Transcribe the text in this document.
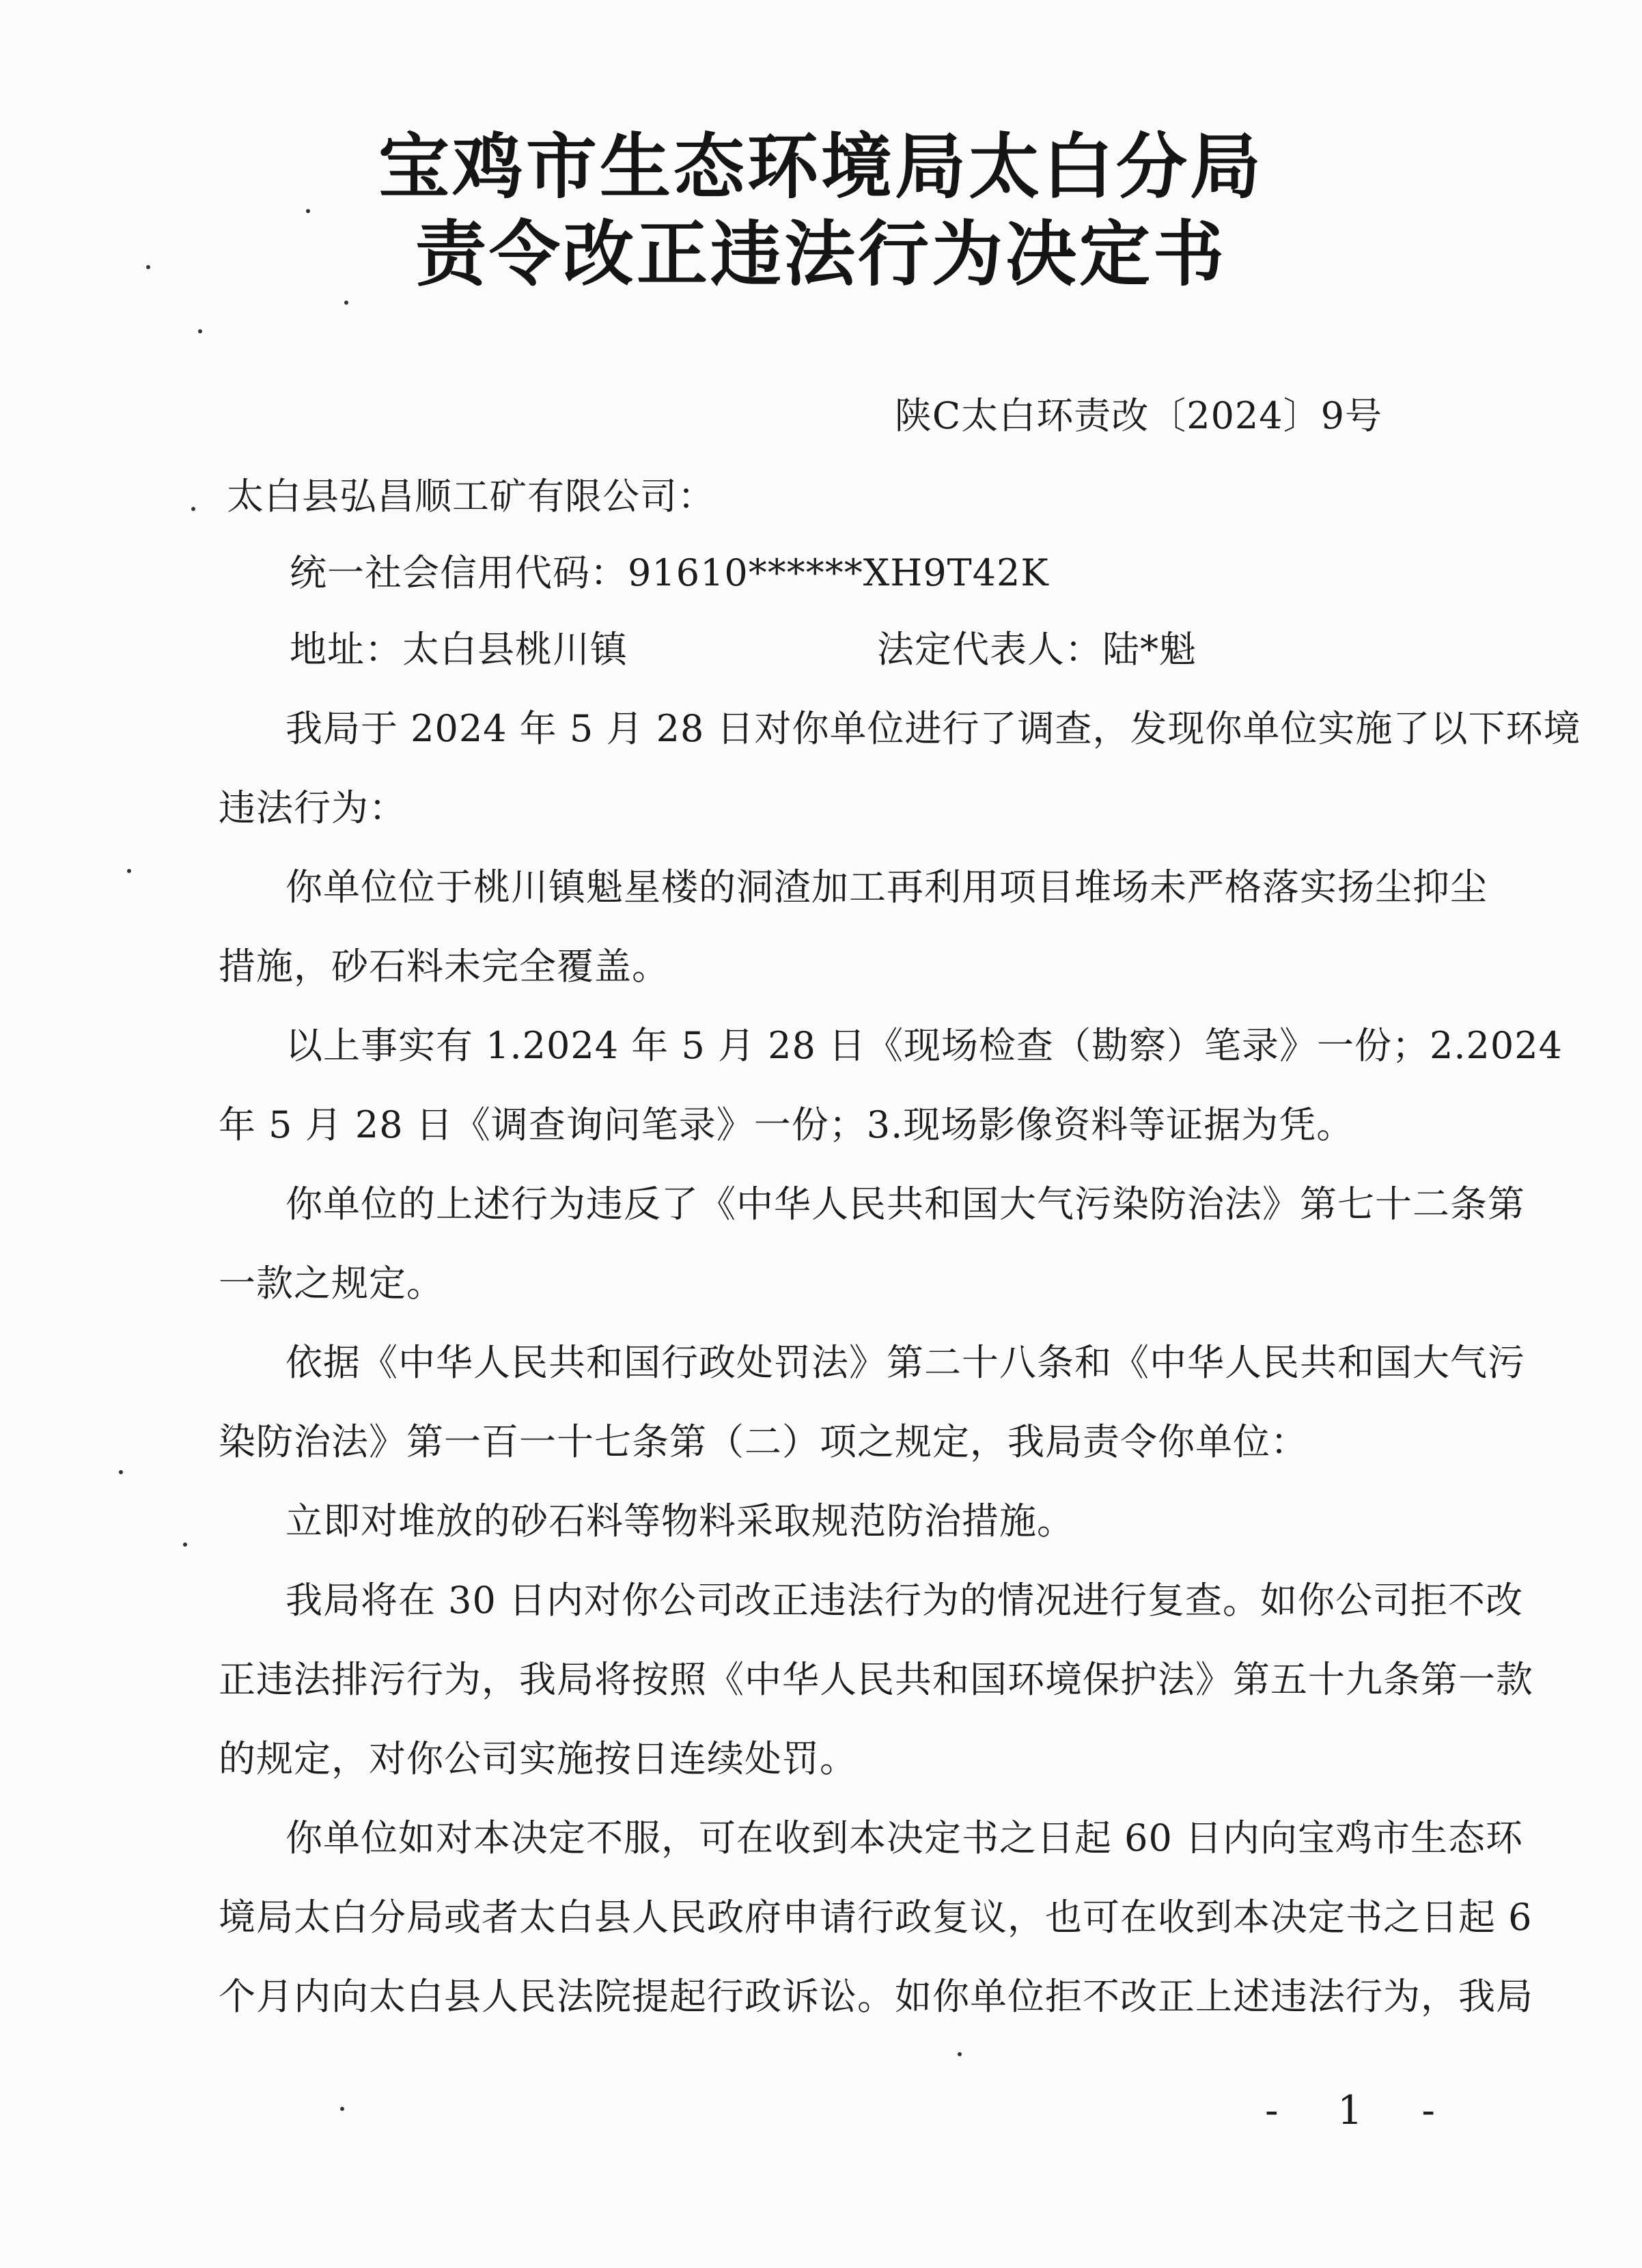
宝鸡市生态环境局太白分局
责令改正违法行为决定书
陕C太白环责改〔2024〕9号
太白县弘昌顺工矿有限公司：
统一社会信用代码：91610******XH9T42K
地址：太白县桃川镇	法定代表人：陆*魁
我局于 2024 年 5 月 28 日对你单位进行了调查，发现你单位实施了以下环境
违法行为：
你单位位于桃川镇魁星楼的洞渣加工再利用项目堆场未严格落实扬尘抑尘
措施，砂石料未完全覆盖。
以上事实有 1.2024 年 5 月 28 日《现场检查（勘察）笔录》一份；2.2024
年 5 月 28 日《调查询问笔录》一份；3.现场影像资料等证据为凭。
你单位的上述行为违反了《中华人民共和国大气污染防治法》第七十二条第
一款之规定。
依据《中华人民共和国行政处罚法》第二十八条和《中华人民共和国大气污
染防治法》第一百一十七条第（二）项之规定，我局责令你单位：
立即对堆放的砂石料等物料采取规范防治措施。
我局将在 30 日内对你公司改正违法行为的情况进行复查。如你公司拒不改
正违法排污行为，我局将按照《中华人民共和国环境保护法》第五十九条第一款
的规定，对你公司实施按日连续处罚。
你单位如对本决定不服，可在收到本决定书之日起 60 日内向宝鸡市生态环
境局太白分局或者太白县人民政府申请行政复议，也可在收到本决定书之日起 6
个月内向太白县人民法院提起行政诉讼。如你单位拒不改正上述违法行为，我局
- 1 -
